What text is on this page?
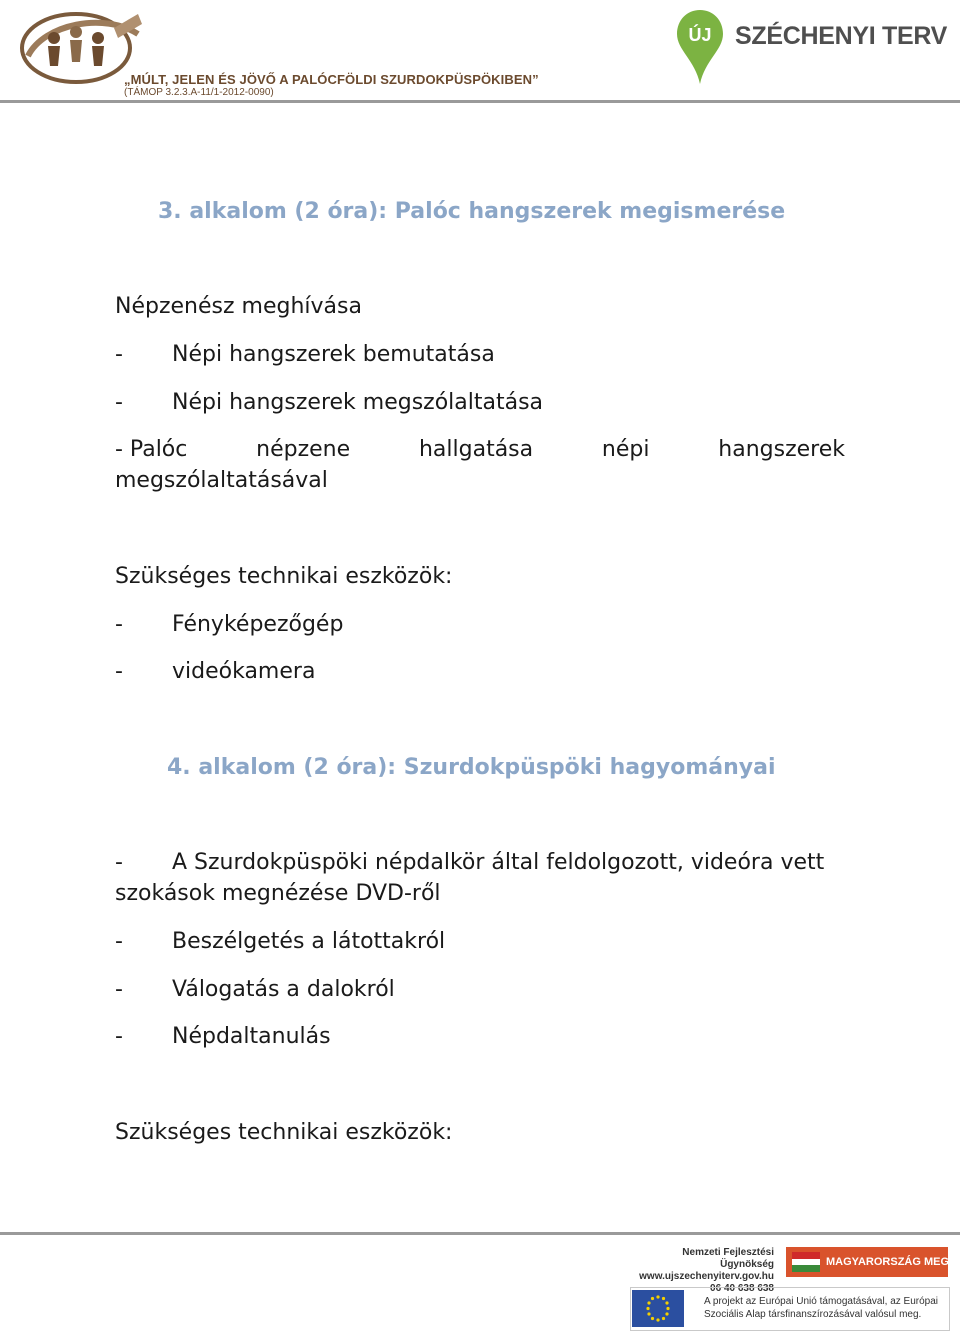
„MÚLT, JELEN ÉS JÖVŐ A PALÓCFÖLDI SZURDOKPÜSPÖKIBEN”
(TÁMOP 3.2.3.A-11/1-2012-0090)
ÚJ SZÉCHENYI TERV
3. alkalom (2 óra): Palóc hangszerek megismerése
Népzenész meghívása
- Népi hangszerek bemutatása
- Népi hangszerek megszólaltatása
- Palóc	népzene	hallgatása	népi	hangszerek
megszólaltatásával
Szükséges technikai eszközök:
- Fényképezőgép
- videókamera
4. alkalom (2 óra): Szurdokpüspöki hagyományai
- A Szurdokpüspöki népdalkör által feldolgozott, videóra vett
szokások megnézése DVD-ről
- Beszélgetés a látottakról
- Válogatás a dalokról
- Népdaltanulás
Szükséges technikai eszközök:
Nemzeti Fejlesztési Ügynökség
www.ujszechenyiterv.gov.hu
06 40 638 638
MAGYARORSZÁG MEGÚJUL
A projekt az Európai Unió támogatásával, az Európai
Szociális Alap társfinanszírozásával valósul meg.
